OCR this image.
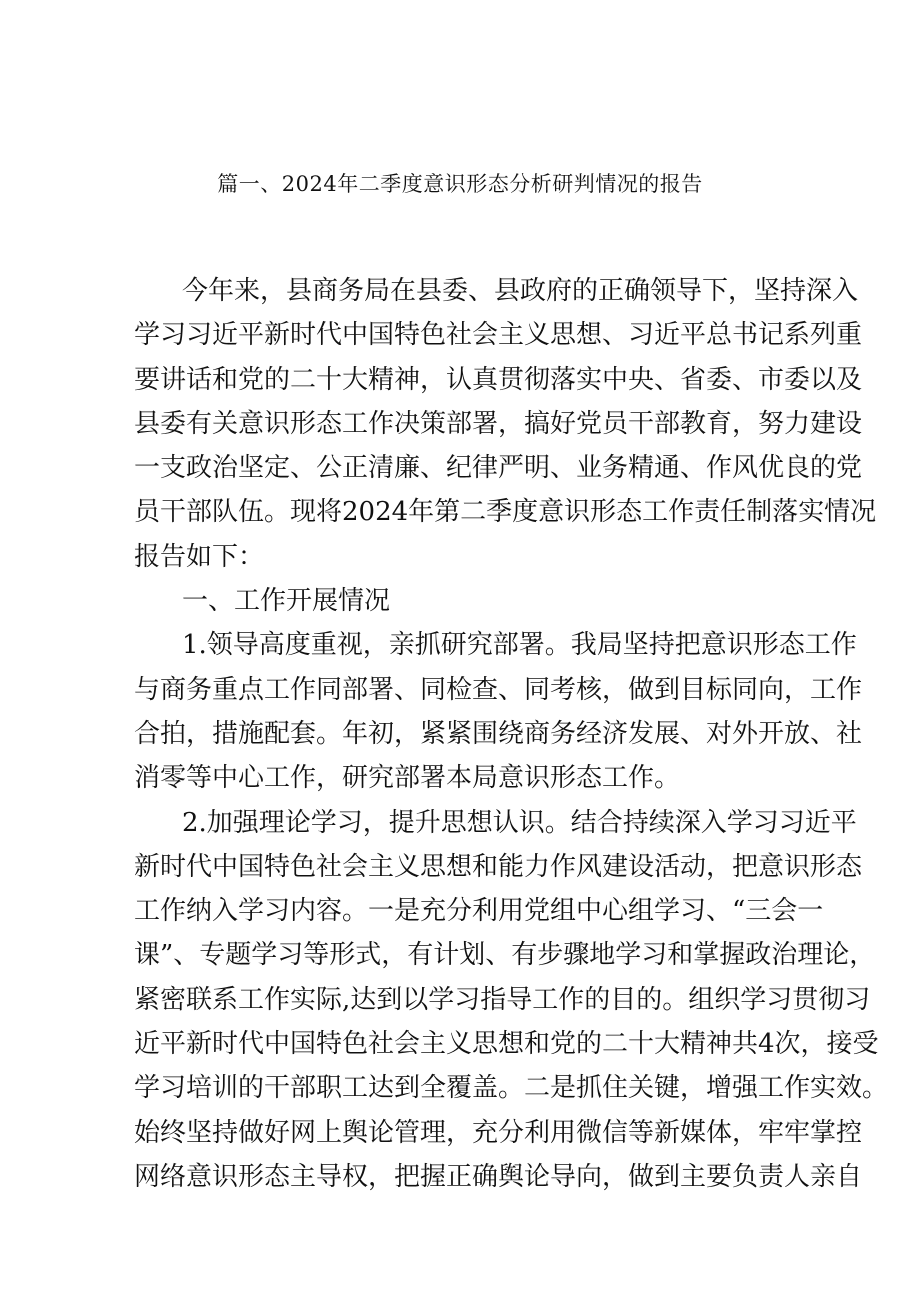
篇一、2024年二季度意识形态分析研判情况的报告
今年来，县商务局在县委、县政府的正确领导下，坚持深入
学习习近平新时代中国特色社会主义思想、习近平总书记系列重
要讲话和党的二十大精神，认真贯彻落实中央、省委、市委以及
县委有关意识形态工作决策部署，搞好党员干部教育，努力建设
一支政治坚定、公正清廉、纪律严明、业务精通、作风优良的党
员干部队伍。现将2024年第二季度意识形态工作责任制落实情况
报告如下：
一、工作开展情况
1.领导高度重视，亲抓研究部署。我局坚持把意识形态工作
与商务重点工作同部署、同检查、同考核，做到目标同向，工作
合拍，措施配套。年初，紧紧围绕商务经济发展、对外开放、社
消零等中心工作，研究部署本局意识形态工作。
2.加强理论学习，提升思想认识。结合持续深入学习习近平
新时代中国特色社会主义思想和能力作风建设活动，把意识形态
工作纳入学习内容。一是充分利用党组中心组学习、“三会一
课”、专题学习等形式，有计划、有步骤地学习和掌握政治理论，
紧密联系工作实际,达到以学习指导工作的目的。组织学习贯彻习
近平新时代中国特色社会主义思想和党的二十大精神共4次，接受
学习培训的干部职工达到全覆盖。二是抓住关键，增强工作实效。
始终坚持做好网上舆论管理，充分利用微信等新媒体，牢牢掌控
网络意识形态主导权，把握正确舆论导向，做到主要负责人亲自
